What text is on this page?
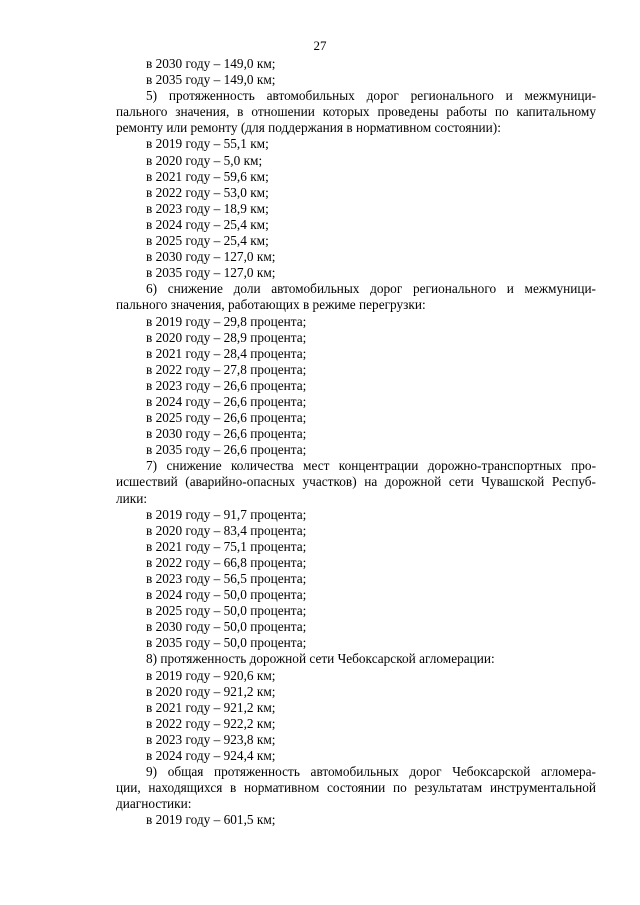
27

в 2030 году – 149,0 км;

в 2035 году – 149,0 км;

5) протяженность автомобильных дорог регионального и межмуници-

пального значения, в отношении которых проведены работы по капитальному

ремонту или ремонту (для поддержания в нормативном состоянии):

в 2019 году – 55,1 км;

в 2020 году – 5,0 км;

в 2021 году – 59,6 км;

в 2022 году – 53,0 км;

в 2023 году – 18,9 км;

в 2024 году – 25,4 км;

в 2025 году – 25,4 км;

в 2030 году – 127,0 км;

в 2035 году – 127,0 км;

6) снижение доли автомобильных дорог регионального и межмуници-

пального значения, работающих в режиме перегрузки:

в 2019 году – 29,8 процента;

в 2020 году – 28,9 процента;

в 2021 году – 28,4 процента;

в 2022 году – 27,8 процента;

в 2023 году – 26,6 процента;

в 2024 году – 26,6 процента;

в 2025 году – 26,6 процента;

в 2030 году – 26,6 процента;

в 2035 году – 26,6 процента;

7) снижение количества мест концентрации дорожно-транспортных про-

исшествий (аварийно-опасных участков) на дорожной сети Чувашской Респуб-

лики:

в 2019 году – 91,7 процента;

в 2020 году – 83,4 процента;

в 2021 году – 75,1 процента;

в 2022 году – 66,8 процента;

в 2023 году – 56,5 процента;

в 2024 году – 50,0 процента;

в 2025 году – 50,0 процента;

в 2030 году – 50,0 процента;

в 2035 году – 50,0 процента;

8) протяженность дорожной сети Чебоксарской агломерации:

в 2019 году – 920,6 км;

в 2020 году – 921,2 км;

в 2021 году – 921,2 км;

в 2022 году – 922,2 км;

в 2023 году – 923,8 км;

в 2024 году – 924,4 км;

9) общая протяженность автомобильных дорог Чебоксарской агломера-

ции, находящихся в нормативном состоянии по результатам инструментальной

диагностики:

в 2019 году – 601,5 км;
